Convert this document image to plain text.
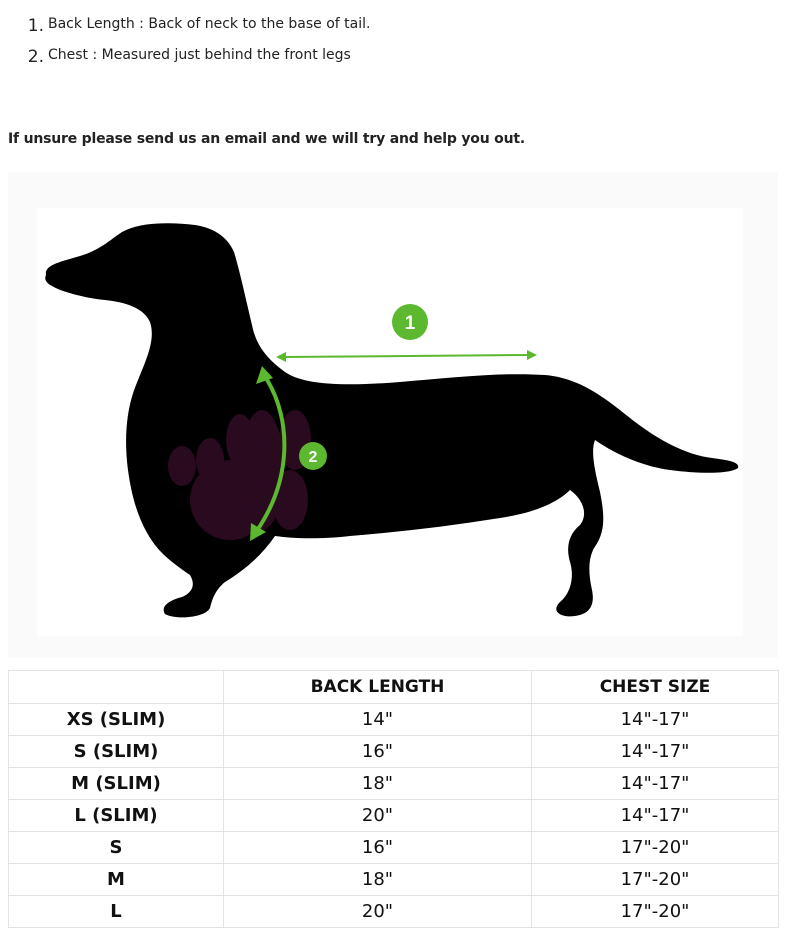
1. Back Length : Back of neck to the base of tail.
2. Chest : Measured just behind the front legs
If unsure please send us an email and we will try and help you out.
1
2
	BACK LENGTH	CHEST SIZE
XS (SLIM)	14"	14"-17"
S (SLIM)	16"	14"-17"
M (SLIM)	18"	14"-17"
L (SLIM)	20"	14"-17"
S	16"	17"-20"
M	18"	17"-20"
L	20"	17"-20"
